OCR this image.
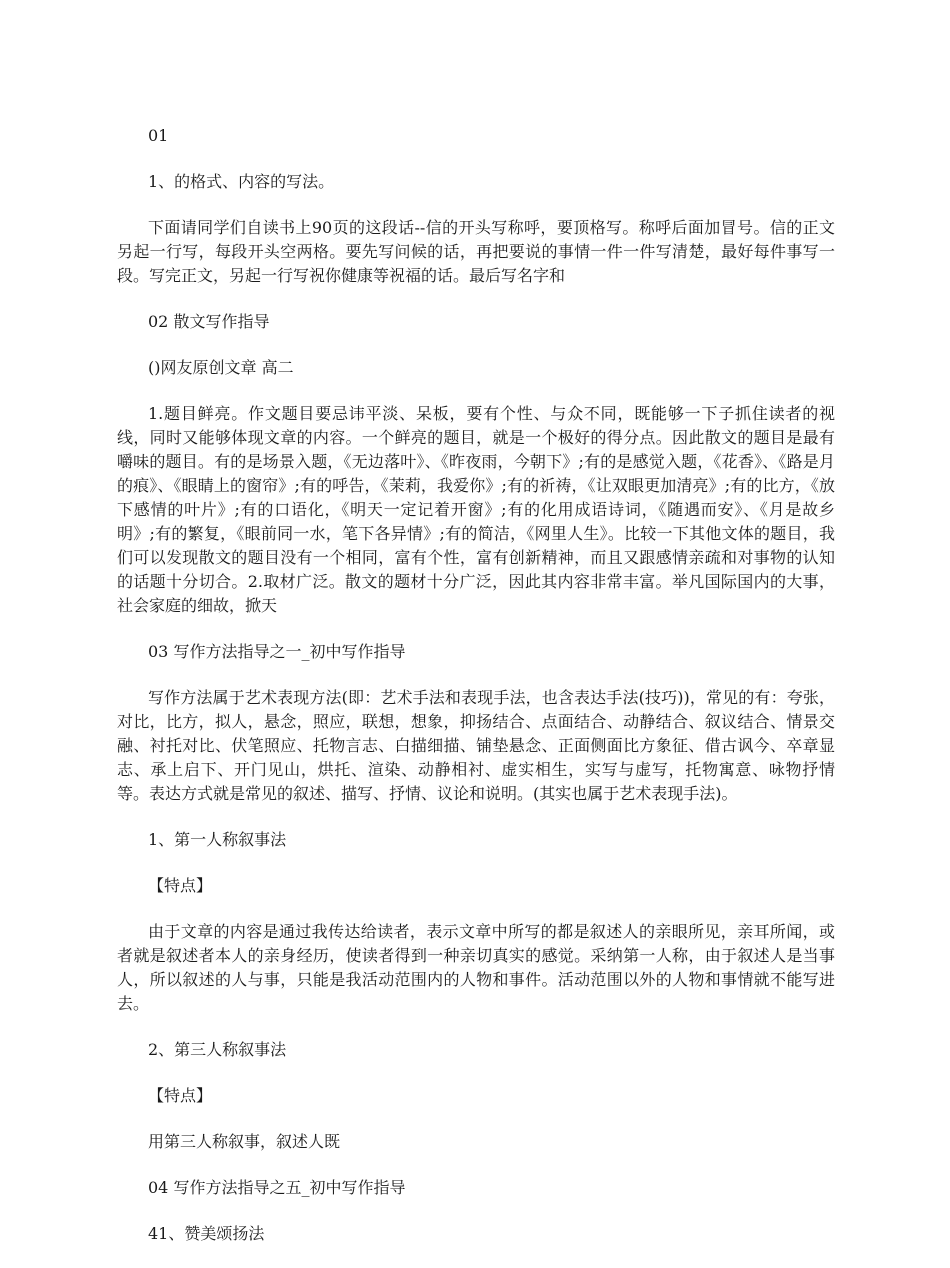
01

1、的格式、内容的写法。

下面请同学们自读书上90页的这段话--信的开头写称呼，要顶格写。称呼后面加冒号。信的正文另起一行写，每段开头空两格。要先写问候的话，再把要说的事情一件一件写清楚，最好每件事写一段。写完正文，另起一行写祝你健康等祝福的话。最后写名字和

02 散文写作指导

()网友原创文章 高二

1.题目鲜亮。作文题目要忌讳平淡、呆板，要有个性、与众不同，既能够一下子抓住读者的视线，同时又能够体现文章的内容。一个鲜亮的题目，就是一个极好的得分点。因此散文的题目是最有嚼味的题目。有的是场景入题，《无边落叶》、《昨夜雨，今朝下》;有的是感觉入题，《花香》、《路是月的痕》、《眼睛上的窗帘》;有的呼告，《茉莉，我爱你》;有的祈祷，《让双眼更加清亮》;有的比方，《放下感情的叶片》;有的口语化，《明天一定记着开窗》;有的化用成语诗词，《随遇而安》、《月是故乡明》;有的繁复，《眼前同一水，笔下各异情》;有的简洁，《网里人生》。比较一下其他文体的题目，我们可以发现散文的题目没有一个相同，富有个性，富有创新精神，而且又跟感情亲疏和对事物的认知的话题十分切合。2.取材广泛。散文的题材十分广泛，因此其内容非常丰富。举凡国际国内的大事，社会家庭的细故，掀天

03 写作方法指导之一_初中写作指导

写作方法属于艺术表现方法(即：艺术手法和表现手法，也含表达手法(技巧))，常见的有：夸张，对比，比方，拟人，悬念，照应，联想，想象，抑扬结合、点面结合、动静结合、叙议结合、情景交融、衬托对比、伏笔照应、托物言志、白描细描、铺垫悬念、正面侧面比方象征、借古讽今、卒章显志、承上启下、开门见山，烘托、渲染、动静相衬、虚实相生，实写与虚写，托物寓意、咏物抒情等。表达方式就是常见的叙述、描写、抒情、议论和说明。(其实也属于艺术表现手法)。

1、第一人称叙事法

【特点】

由于文章的内容是通过我传达给读者，表示文章中所写的都是叙述人的亲眼所见，亲耳所闻，或者就是叙述者本人的亲身经历，使读者得到一种亲切真实的感觉。采纳第一人称，由于叙述人是当事人，所以叙述的人与事，只能是我活动范围内的人物和事件。活动范围以外的人物和事情就不能写进去。

2、第三人称叙事法

【特点】

用第三人称叙事，叙述人既

04 写作方法指导之五_初中写作指导

41、赞美颂扬法
